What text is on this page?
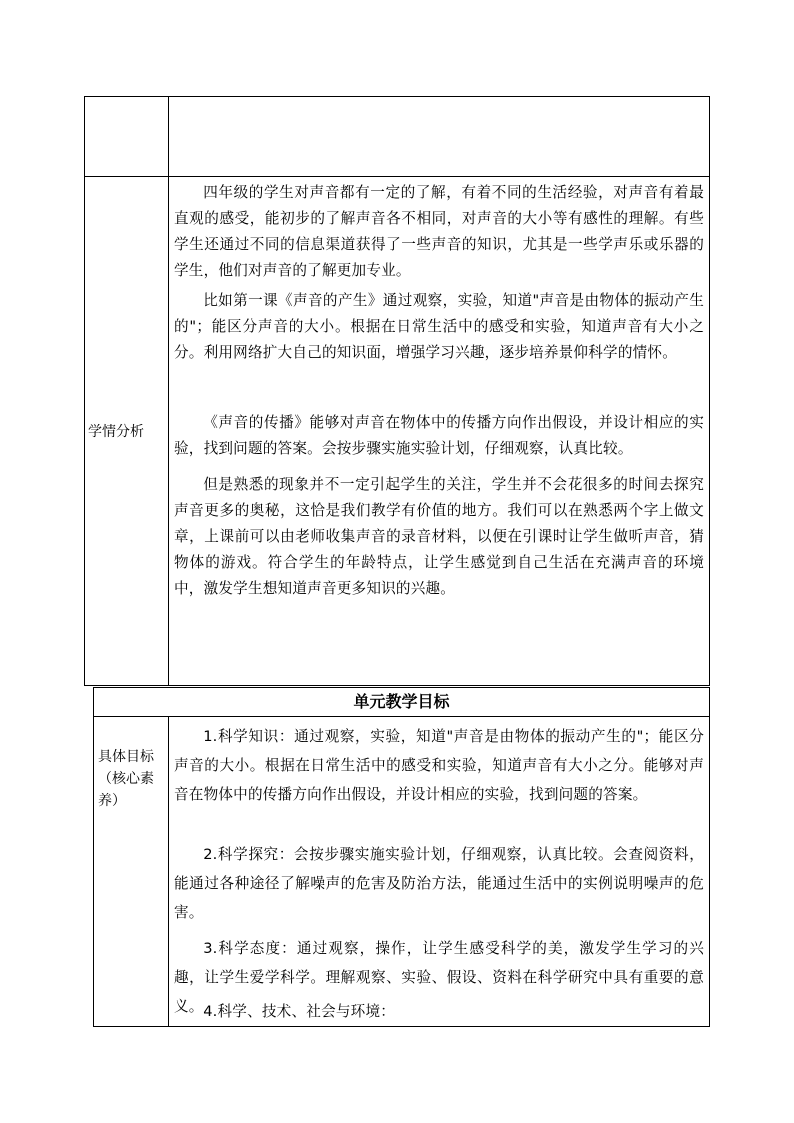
学情分析

四年级的学生对声音都有一定的了解，有着不同的生活经验，对声音有着最直观的感受，能初步的了解声音各不相同，对声音的大小等有感性的理解。有些学生还通过不同的信息渠道获得了一些声音的知识，尤其是一些学声乐或乐器的学生，他们对声音的了解更加专业。

比如第一课《声音的产生》通过观察，实验，知道"声音是由物体的振动产生的"；能区分声音的大小。根据在日常生活中的感受和实验，知道声音有大小之分。利用网络扩大自己的知识面，增强学习兴趣，逐步培养景仰科学的情怀。

《声音的传播》能够对声音在物体中的传播方向作出假设，并设计相应的实验，找到问题的答案。会按步骤实施实验计划，仔细观察，认真比较。

但是熟悉的现象并不一定引起学生的关注，学生并不会花很多的时间去探究声音更多的奥秘，这恰是我们教学有价值的地方。我们可以在熟悉两个字上做文章，上课前可以由老师收集声音的录音材料，以便在引课时让学生做听声音，猜物体的游戏。符合学生的年龄特点，让学生感觉到自己生活在充满声音的环境中，激发学生想知道声音更多知识的兴趣。

单元教学目标
具体目标
（核心素
养）

1.科学知识：通过观察，实验，知道"声音是由物体的振动产生的"；能区分声音的大小。根据在日常生活中的感受和实验，知道声音有大小之分。能够对声音在物体中的传播方向作出假设，并设计相应的实验，找到问题的答案。

2.科学探究：会按步骤实施实验计划，仔细观察，认真比较。会查阅资料，能通过各种途径了解噪声的危害及防治方法，能通过生活中的实例说明噪声的危害。

3.科学态度：通过观察，操作，让学生感受科学的美，激发学生学习的兴趣，让学生爱学科学。理解观察、实验、假设、资料在科学研究中具有重要的意义。 4.科学、技术、社会与环境：
